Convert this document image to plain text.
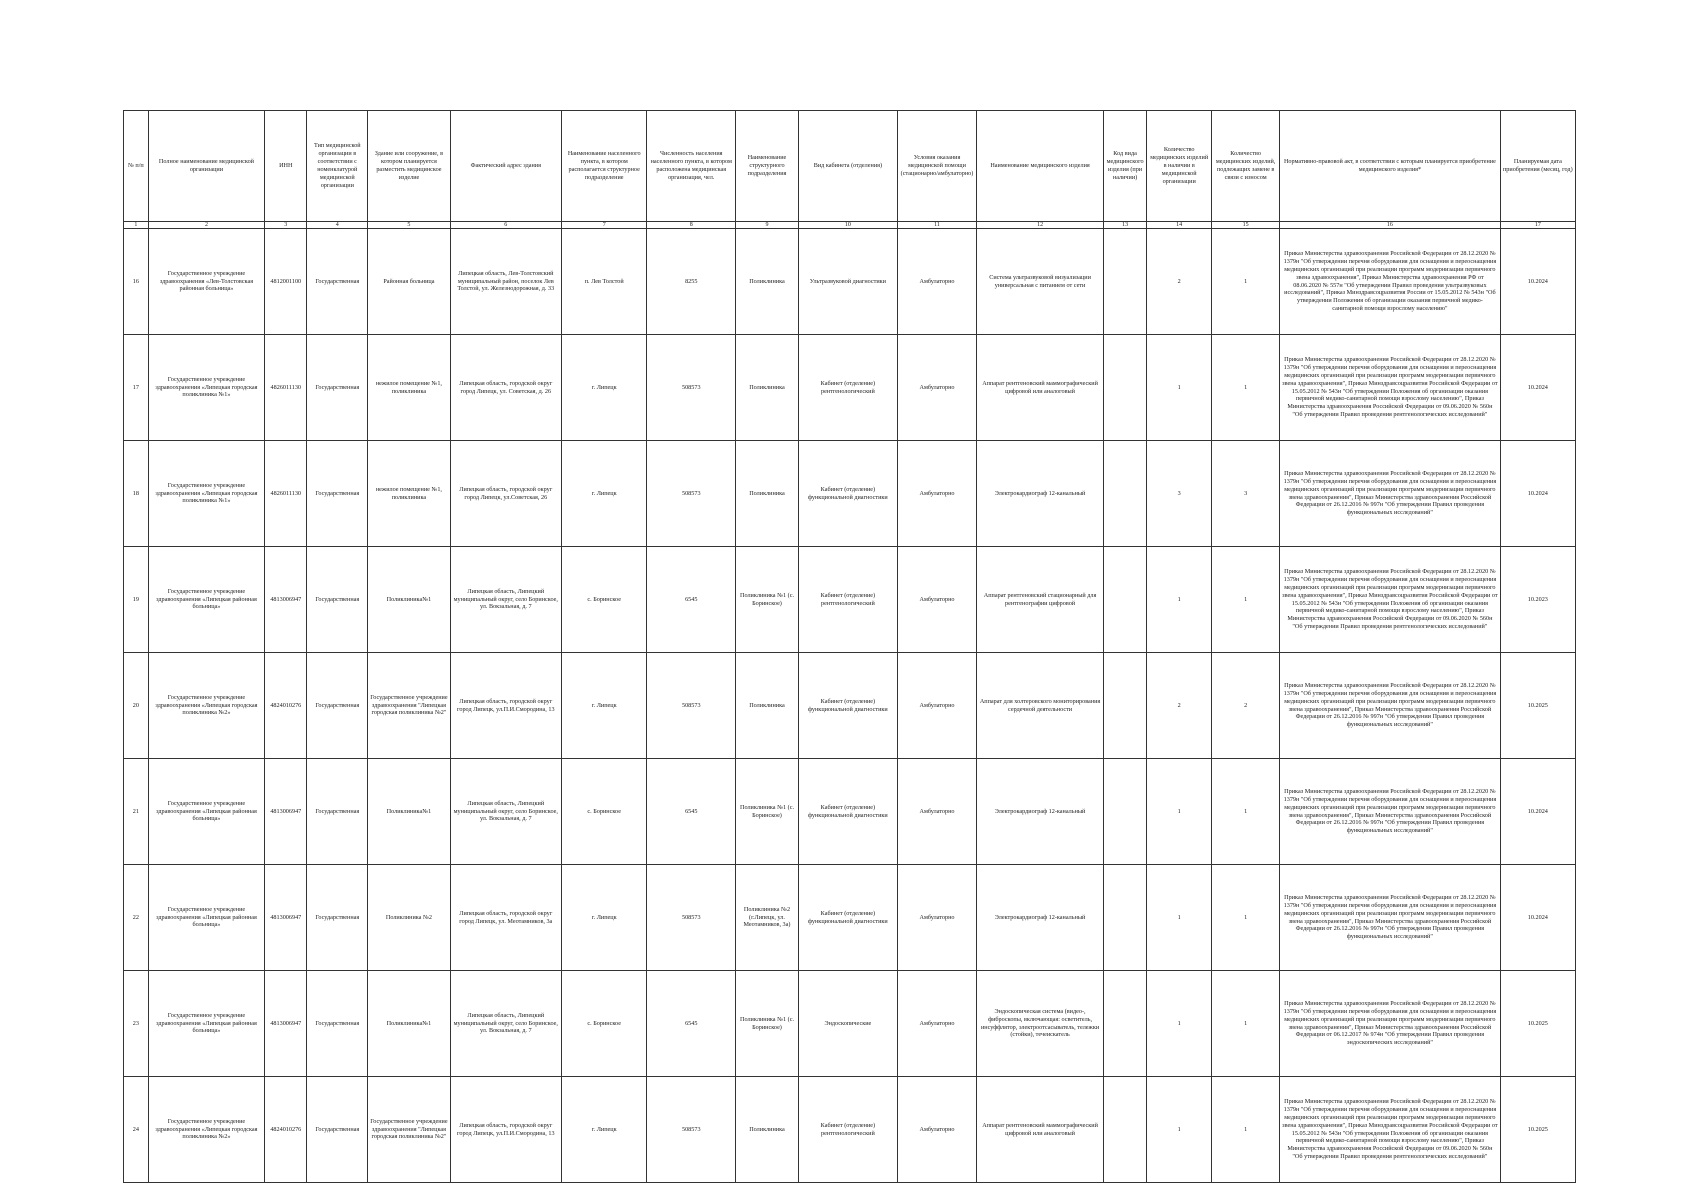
№ п/п	Полное наименование медицинской организации	ИНН	Тип медицинской организации в соответствии с номенклатурой медицинской организации	Здание или сооружение, в котором планируется разместить медицинское изделие	Фактический адрес здания	Наименование населенного пункта, в котором располагается структурное подразделение	Численность населения населенного пункта, в котором расположена медицинская организация, чел.	Наименование структурного подразделения	Вид кабинета (отделения)	Условия оказания медицинской помощи (стационарно/амбулаторно)	Наименование медицинского изделия	Код вида медицинского изделия (при наличии)	Количество медицинских изделий в наличии в медицинской организации	Количество медицинских изделий, подлежащих замене в связи с износом	Нормативно-правовой акт, в соответствии с которым планируется приобретение медицинского изделия*	Планируемая дата приобретения (месяц, год)
1	2	3	4	5	6	7	8	9	10	11	12	13	14	15	16	17
16	Государственное учреждение здравоохранения «Лев-Толстовская районная больница»	4812001100	Государственная	Районная больница	Липецкая область, Лев-Толстовский муниципальный район, поселок Лев Толстой, ул. Железнодорожная, д. 33	п. Лев Толстой	8255	Поликлиника	Ультразвуковой диагностики	Амбулаторно	Система ультразвуковой визуализации универсальная с питанием от сети		2	1	Приказ Министерства здравоохранения Российской Федерации от 28.12.2020 № 1379н "Об утверждении перечня оборудования для оснащения и переоснащения медицинских организаций при реализации программ модернизации первичного звена здравоохранения", Приказ Министерства здравоохранения РФ от 08.06.2020 № 557н "Об утверждении Правил проведения ультразвуковых исследований", Приказ Минздравсоцразвития России от 15.05.2012 № 543н "Об утверждении Положения об организации оказания первичной медико-санитарной помощи взрослому населению"	10.2024
17	Государственное учреждение здравоохранения «Липецкая городская поликлиника №1»	4826011130	Государственная	нежилое помещение №1, поликлиника	Липецкая область, городской округ город Липецк, ул. Советская, д. 26	г. Липецк	508573	Поликлиника	Кабинет (отделение) рентгенологический	Амбулаторно	Аппарат рентгеновский маммографический цифровой или аналоговый		1	1	Приказ Министерства здравоохранения Российской Федерации от 28.12.2020 № 1379н "Об утверждении перечня оборудования для оснащения и переоснащения медицинских организаций при реализации программ модернизации первичного звена здравоохранения", Приказ Минздравсоцразвития Российской Федерации от 15.05.2012 № 543н "Об утверждении Положения об организации оказания первичной медико-санитарной помощи взрослому населению", Приказ Министерства здравоохранения Российской Федерации от 09.06.2020 № 560н "Об утверждении Правил проведения рентгенологических исследований"	10.2024
18	Государственное учреждение здравоохранения «Липецкая городская поликлиника №1»	4826011130	Государственная	нежилое помещение №1, поликлиника	Липецкая область, городской округ город Липецк, ул.Советская, 26	г. Липецк	508573	Поликлиника	Кабинет (отделение) функциональной диагностики	Амбулаторно	Электрокардиограф 12-канальный		3	3	Приказ Министерства здравоохранения Российской Федерации от 28.12.2020 № 1379н "Об утверждении перечня оборудования для оснащения и переоснащения медицинских организаций при реализации программ модернизации первичного звена здравоохранения", Приказ Министерства здравоохранения Российской Федерации от 26.12.2016 № 997н "Об утверждении Правил проведения функциональных исследований"	10.2024
19	Государственное учреждение здравоохранения «Липецкая районная больница»	4813006947	Государственная	Поликлиника№1	Липецкая область, Липецкий муниципальный округ, село Боринское, ул. Вокзальная, д. 7	с. Боринское	6545	Поликлиника №1 (с. Боринское)	Кабинет (отделение) рентгенологический	Амбулаторно	Аппарат рентгеновский стационарный для рентгенографии цифровой		1	1	Приказ Министерства здравоохранения Российской Федерации от 28.12.2020 № 1379н "Об утверждении перечня оборудования для оснащения и переоснащения медицинских организаций при реализации программ модернизации первичного звена здравоохранения", Приказ Минздравсоцразвития Российской Федерации от 15.05.2012 № 543н "Об утверждении Положения об организации оказания первичной медико-санитарной помощи взрослому населению", Приказ Министерства здравоохранения Российской Федерации от 09.06.2020 № 560н "Об утверждении Правил проведения рентгенологических исследований"	10.2023
20	Государственное учреждение здравоохранения «Липецкая городская поликлиника №2»	4824010276	Государственная	Государственное учреждение здравоохранения "Липецкая городская поликлиника №2"	Липецкая область, городской округ город Липецк, ул.П.И.Смородина, 13	г. Липецк	508573	Поликлиника	Кабинет (отделение) функциональной диагностики	Амбулаторно	Аппарат для холтеровского мониторирования сердечной деятельности		2	2	Приказ Министерства здравоохранения Российской Федерации от 28.12.2020 № 1379н "Об утверждении перечня оборудования для оснащения и переоснащения медицинских организаций при реализации программ модернизации первичного звена здравоохранения", Приказ Министерства здравоохранения Российской Федерации от 26.12.2016 № 997н "Об утверждении Правил проведения функциональных исследований"	10.2025
21	Государственное учреждение здравоохранения «Липецкая районная больница»	4813006947	Государственная	Поликлиника№1	Липецкая область, Липецкий муниципальный округ, село Боринское, ул. Вокзальная, д. 7	с. Боринское	6545	Поликлиника №1 (с. Боринское)	Кабинет (отделение) функциональной диагностики	Амбулаторно	Электрокардиограф 12-канальный		1	1	Приказ Министерства здравоохранения Российской Федерации от 28.12.2020 № 1379н "Об утверждении перечня оборудования для оснащения и переоснащения медицинских организаций при реализации программ модернизации первичного звена здравоохранения", Приказ Министерства здравоохранения Российской Федерации от 26.12.2016 № 997н "Об утверждении Правил проведения функциональных исследований"	10.2024
22	Государственное учреждение здравоохранения «Липецкая районная больница»	4813006947	Государственная	Поликлиника №2	Липецкая область, городской округ город Липецк, ул. Меотамников, 3а	г. Липецк	508573	Поликлиника №2 (г.Липецк, ул. Меотамников, 3а)	Кабинет (отделение) функциональной диагностики	Амбулаторно	Электрокардиограф 12-канальный		1	1	Приказ Министерства здравоохранения Российской Федерации от 28.12.2020 № 1379н "Об утверждении перечня оборудования для оснащения и переоснащения медицинских организаций при реализации программ модернизации первичного звена здравоохранения", Приказ Министерства здравоохранения Российской Федерации от 26.12.2016 № 997н "Об утверждении Правил проведения функциональных исследований"	10.2024
23	Государственное учреждение здравоохранения «Липецкая районная больница»	4813006947	Государственная	Поликлиника№1	Липецкая область, Липецкий муниципальный округ, село Боринское, ул. Вокзальная, д. 7	с. Боринское	6545	Поликлиника №1 (с. Боринское)	Эндоскопические	Амбулаторно	Эндоскопическая система (видео-, фиброскопы, включающая: осветитель, инсуффлятор, электроотсасыватель, тележки (стойки), течеискатель		1	1	Приказ Министерства здравоохранения Российской Федерации от 28.12.2020 № 1379н "Об утверждении перечня оборудования для оснащения и переоснащения медицинских организаций при реализации программ модернизации первичного звена здравоохранения", Приказ Министерства здравоохранения Российской Федерации от 06.12.2017 № 974н "Об утверждении Правил проведения эндоскопических исследований"	10.2025
24	Государственное учреждение здравоохранения «Липецкая городская поликлиника №2»	4824010276	Государственная	Государственное учреждение здравоохранения "Липецкая городская поликлиника №2"	Липецкая область, городской округ город Липецк, ул.П.И.Смородина, 13	г. Липецк	508573	Поликлиника	Кабинет (отделение) рентгенологический	Амбулаторно	Аппарат рентгеновский маммографический цифровой или аналоговый		1	1	Приказ Министерства здравоохранения Российской Федерации от 28.12.2020 № 1379н "Об утверждении перечня оборудования для оснащения и переоснащения медицинских организаций при реализации программ модернизации первичного звена здравоохранения", Приказ Минздравсоцразвития Российской Федерации от 15.05.2012 № 543н "Об утверждении Положения об организации оказания первичной медико-санитарной помощи взрослому населению", Приказ Министерства здравоохранения Российской Федерации от 09.06.2020 № 560н "Об утверждении Правил проведения рентгенологических исследований"	10.2025
